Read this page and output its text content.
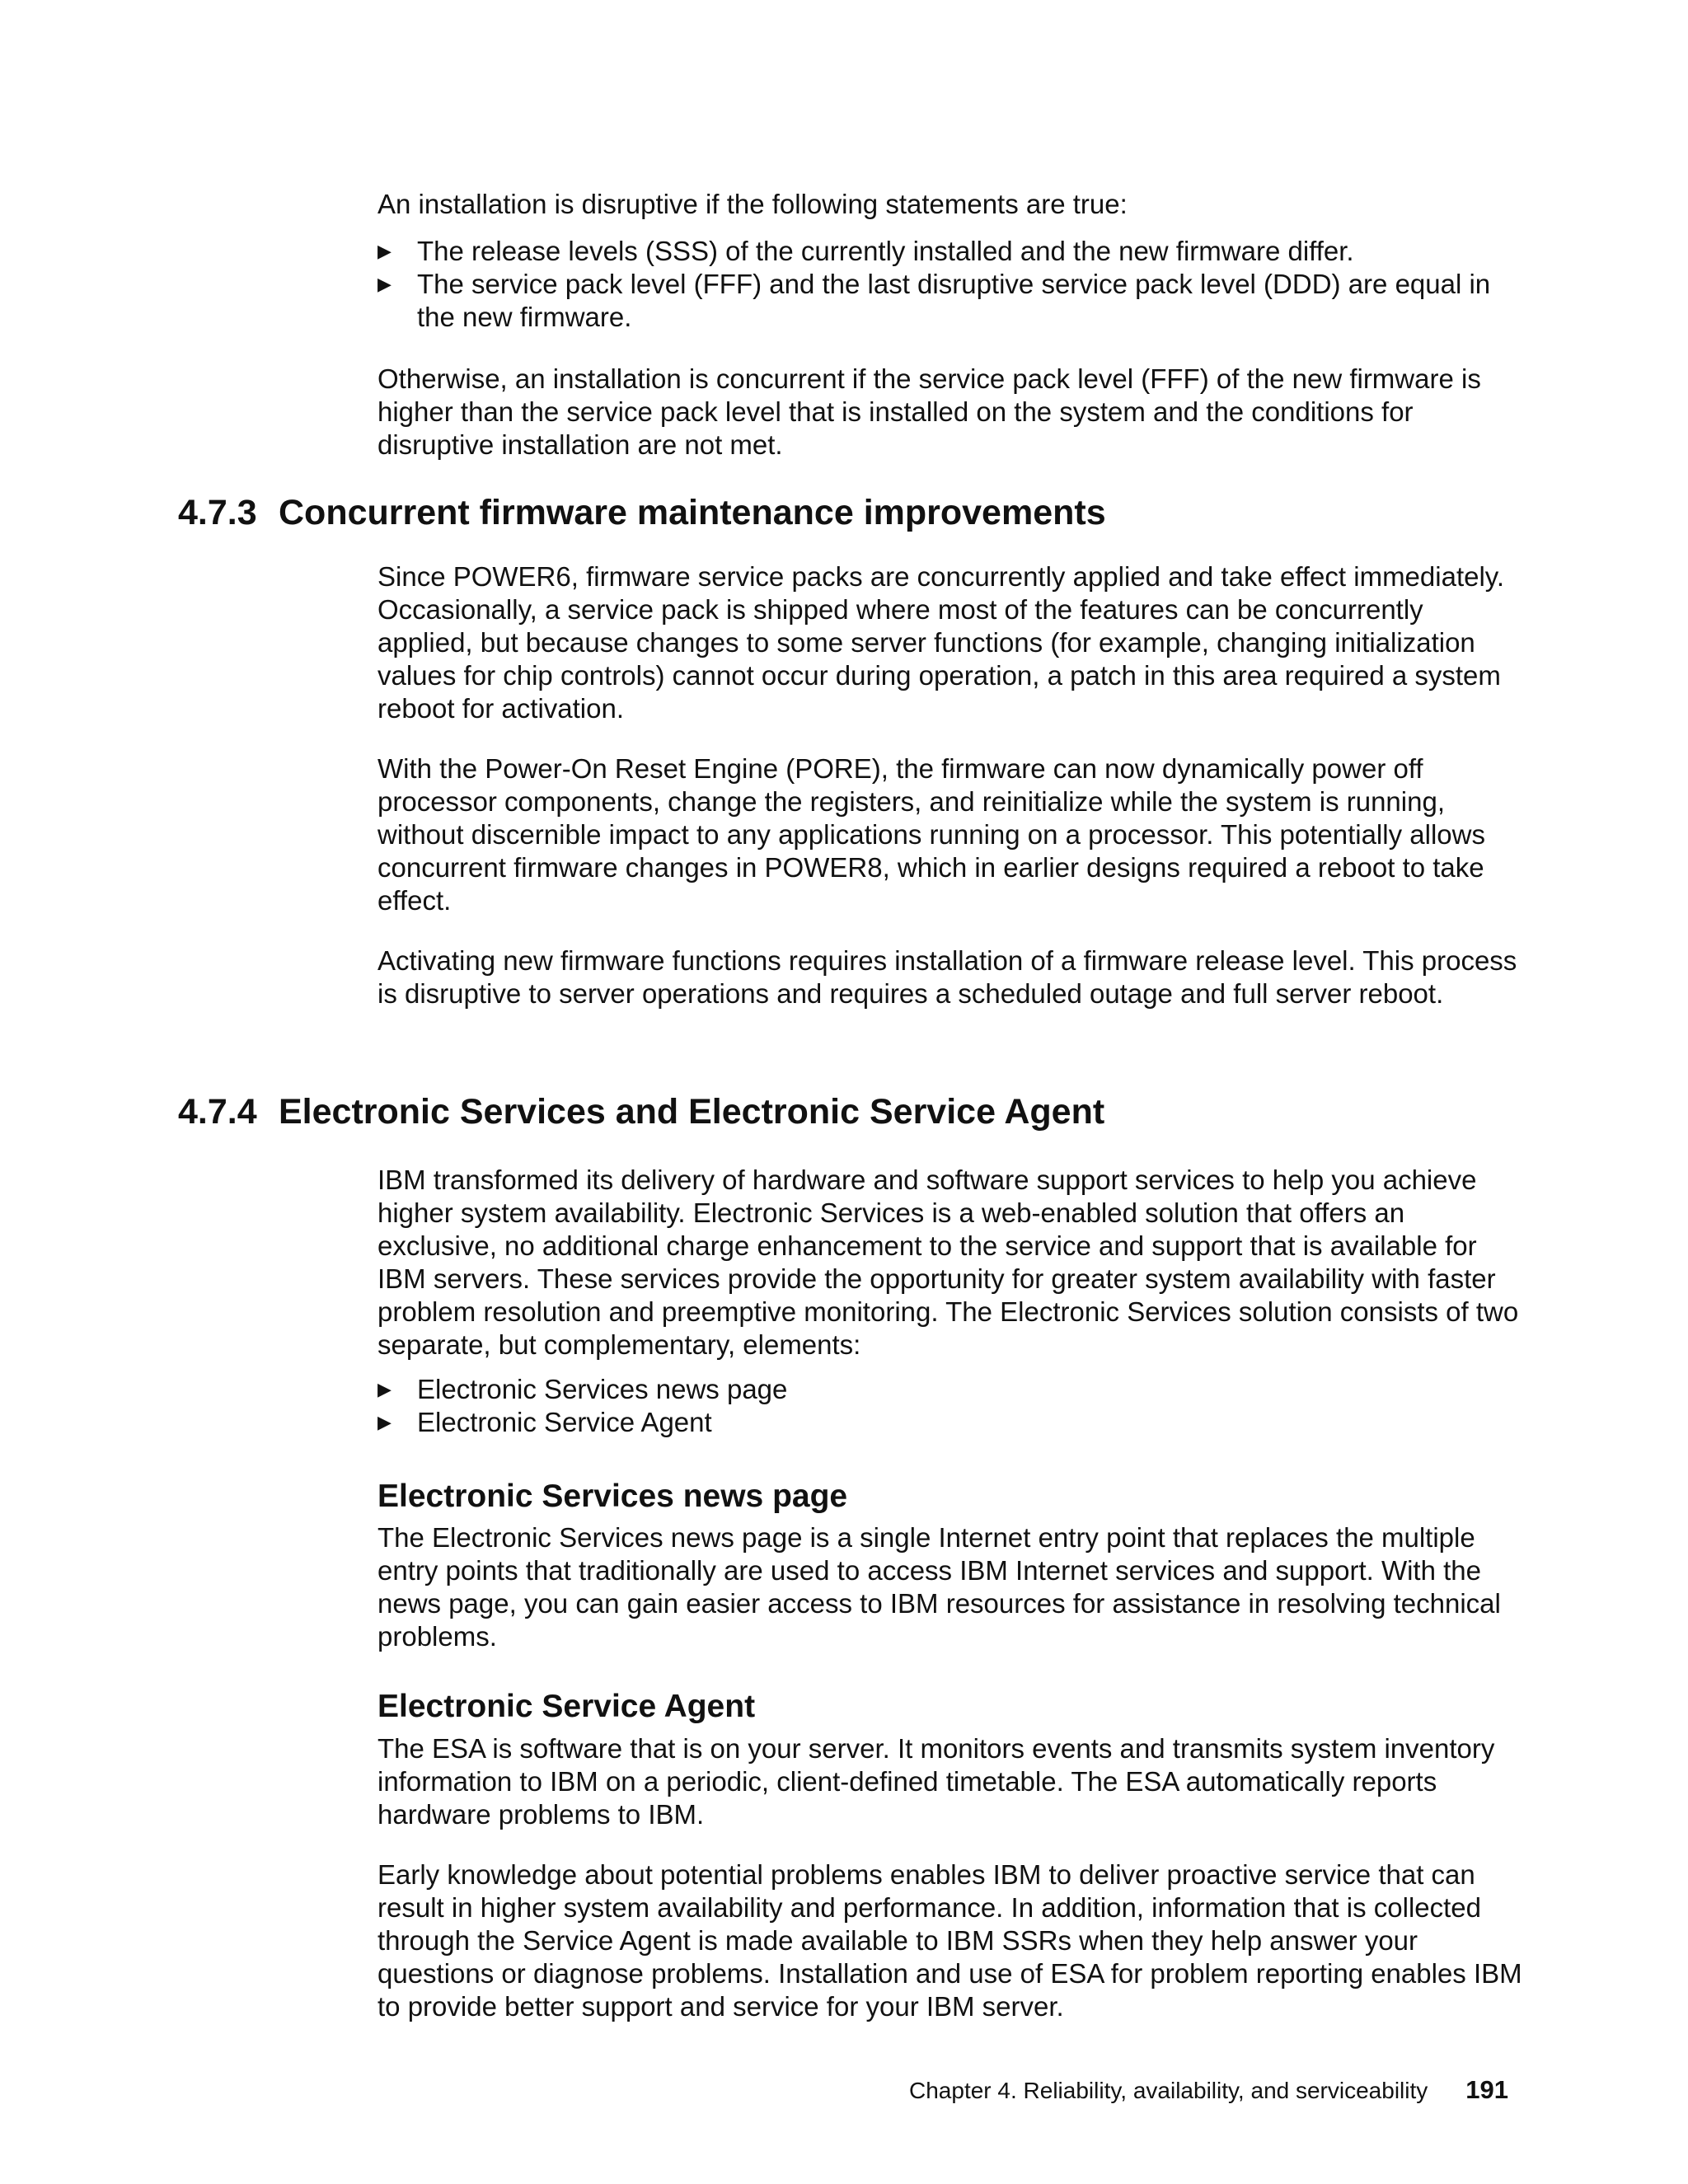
An installation is disruptive if the following statements are true:

▶ The release levels (SSS) of the currently installed and the new firmware differ.
▶ The service pack level (FFF) and the last disruptive service pack level (DDD) are equal in the new firmware.

Otherwise, an installation is concurrent if the service pack level (FFF) of the new firmware is higher than the service pack level that is installed on the system and the conditions for disruptive installation are not met.

4.7.3 Concurrent firmware maintenance improvements

Since POWER6, firmware service packs are concurrently applied and take effect immediately. Occasionally, a service pack is shipped where most of the features can be concurrently applied, but because changes to some server functions (for example, changing initialization values for chip controls) cannot occur during operation, a patch in this area required a system reboot for activation.

With the Power-On Reset Engine (PORE), the firmware can now dynamically power off processor components, change the registers, and reinitialize while the system is running, without discernible impact to any applications running on a processor. This potentially allows concurrent firmware changes in POWER8, which in earlier designs required a reboot to take effect.

Activating new firmware functions requires installation of a firmware release level. This process is disruptive to server operations and requires a scheduled outage and full server reboot.

4.7.4 Electronic Services and Electronic Service Agent

IBM transformed its delivery of hardware and software support services to help you achieve higher system availability. Electronic Services is a web-enabled solution that offers an exclusive, no additional charge enhancement to the service and support that is available for IBM servers. These services provide the opportunity for greater system availability with faster problem resolution and preemptive monitoring. The Electronic Services solution consists of two separate, but complementary, elements:

▶ Electronic Services news page
▶ Electronic Service Agent
Electronic Services news page

The Electronic Services news page is a single Internet entry point that replaces the multiple entry points that traditionally are used to access IBM Internet services and support. With the news page, you can gain easier access to IBM resources for assistance in resolving technical problems.

Electronic Service Agent

The ESA is software that is on your server. It monitors events and transmits system inventory information to IBM on a periodic, client-defined timetable. The ESA automatically reports hardware problems to IBM.

Early knowledge about potential problems enables IBM to deliver proactive service that can result in higher system availability and performance. In addition, information that is collected through the Service Agent is made available to IBM SSRs when they help answer your questions or diagnose problems. Installation and use of ESA for problem reporting enables IBM to provide better support and service for your IBM server.

Chapter 4. Reliability, availability, and serviceability 191
